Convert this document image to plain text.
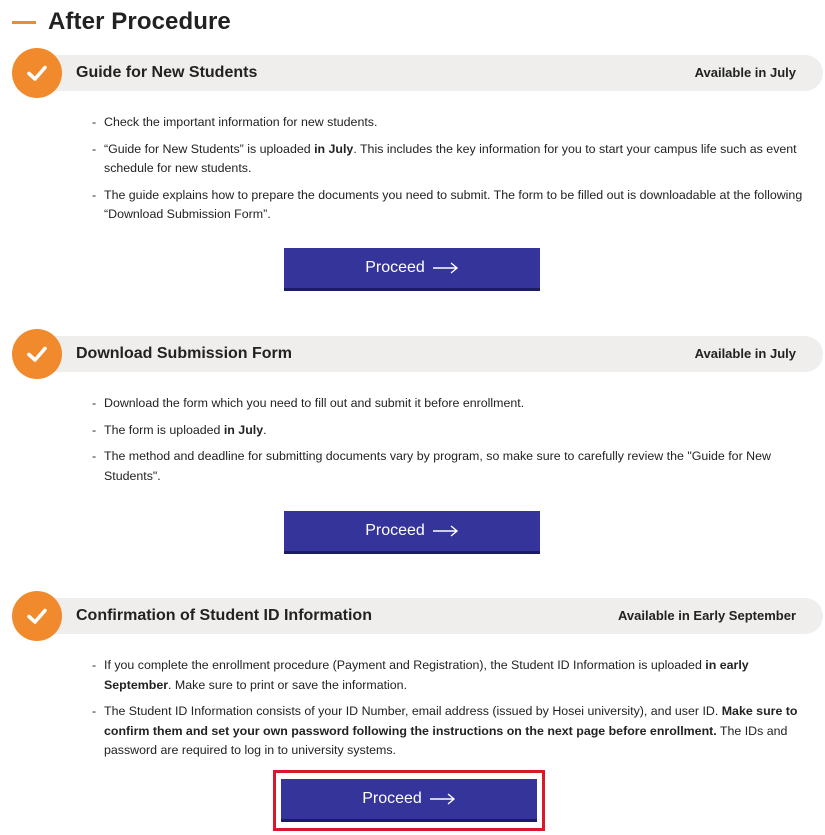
After Procedure
Guide for New Students	Available in July
- Check the important information for new students.
- “Guide for New Students” is uploaded in July. This includes the key information for you to start your campus life such as event schedule for new students.
- The guide explains how to prepare the documents you need to submit. The form to be filled out is downloadable at the following “Download Submission Form”.
Proceed
Download Submission Form	Available in July
- Download the form which you need to fill out and submit it before enrollment.
- The form is uploaded in July.
- The method and deadline for submitting documents vary by program, so make sure to carefully review the "Guide for New Students".
Proceed
Confirmation of Student ID Information	Available in Early September
- If you complete the enrollment procedure (Payment and Registration), the Student ID Information is uploaded in early September. Make sure to print or save the information.
- The Student ID Information consists of your ID Number, email address (issued by Hosei university), and user ID. Make sure to confirm them and set your own password following the instructions on the next page before enrollment. The IDs and password are required to log in to university systems.
Proceed
